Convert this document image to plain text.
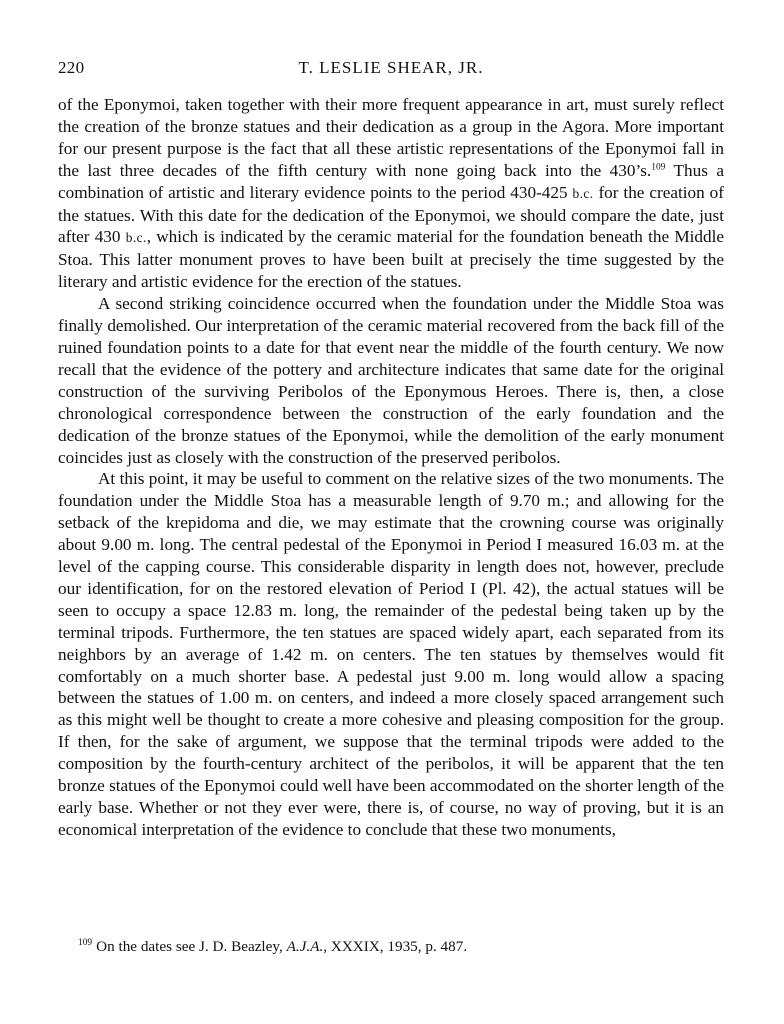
220	T. LESLIE SHEAR, JR.

of the Eponymoi, taken together with their more frequent appearance in art, must surely reflect the creation of the bronze statues and their dedication as a group in the Agora. More important for our present purpose is the fact that all these artistic representations of the Eponymoi fall in the last three decades of the fifth century with none going back into the 430’s.$^{109}$ Thus a combination of artistic and literary evidence points to the period 430-425 b.c. for the creation of the statues. With this date for the dedication of the Eponymoi, we should compare the date, just after 430 b.c., which is indicated by the ceramic material for the foundation beneath the Middle Stoa. This latter monument proves to have been built at precisely the time suggested by the literary and artistic evidence for the erection of the statues.

A second striking coincidence occurred when the foundation under the Middle Stoa was finally demolished. Our interpretation of the ceramic material recovered from the back fill of the ruined foundation points to a date for that event near the middle of the fourth century. We now recall that the evidence of the pottery and architecture indicates that same date for the original construction of the surviving Peribolos of the Eponymous Heroes. There is, then, a close chronological correspondence between the construction of the early foundation and the dedication of the bronze statues of the Eponymoi, while the demolition of the early monument coincides just as closely with the construction of the preserved peribolos.

At this point, it may be useful to comment on the relative sizes of the two monuments. The foundation under the Middle Stoa has a measurable length of 9.70 m.; and allowing for the setback of the krepidoma and die, we may estimate that the crowning course was originally about 9.00 m. long. The central pedestal of the Eponymoi in Period I measured 16.03 m. at the level of the capping course. This considerable disparity in length does not, however, preclude our identification, for on the restored elevation of Period I (Pl. 42), the actual statues will be seen to occupy a space 12.83 m. long, the remainder of the pedestal being taken up by the terminal tripods. Furthermore, the ten statues are spaced widely apart, each separated from its neighbors by an average of 1.42 m. on centers. The ten statues by themselves would fit comfortably on a much shorter base. A pedestal just 9.00 m. long would allow a spacing between the statues of 1.00 m. on centers, and indeed a more closely spaced arrangement such as this might well be thought to create a more cohesive and pleasing composition for the group. If then, for the sake of argument, we suppose that the terminal tripods were added to the composition by the fourth-century architect of the peribolos, it will be apparent that the ten bronze statues of the Eponymoi could well have been accommodated on the shorter length of the early base. Whether or not they ever were, there is, of course, no way of proving, but it is an economical interpretation of the evidence to conclude that these two monuments,

$^{109}$ On the dates see J. D. Beazley, A.J.A., XXXIX, 1935, p. 487.
